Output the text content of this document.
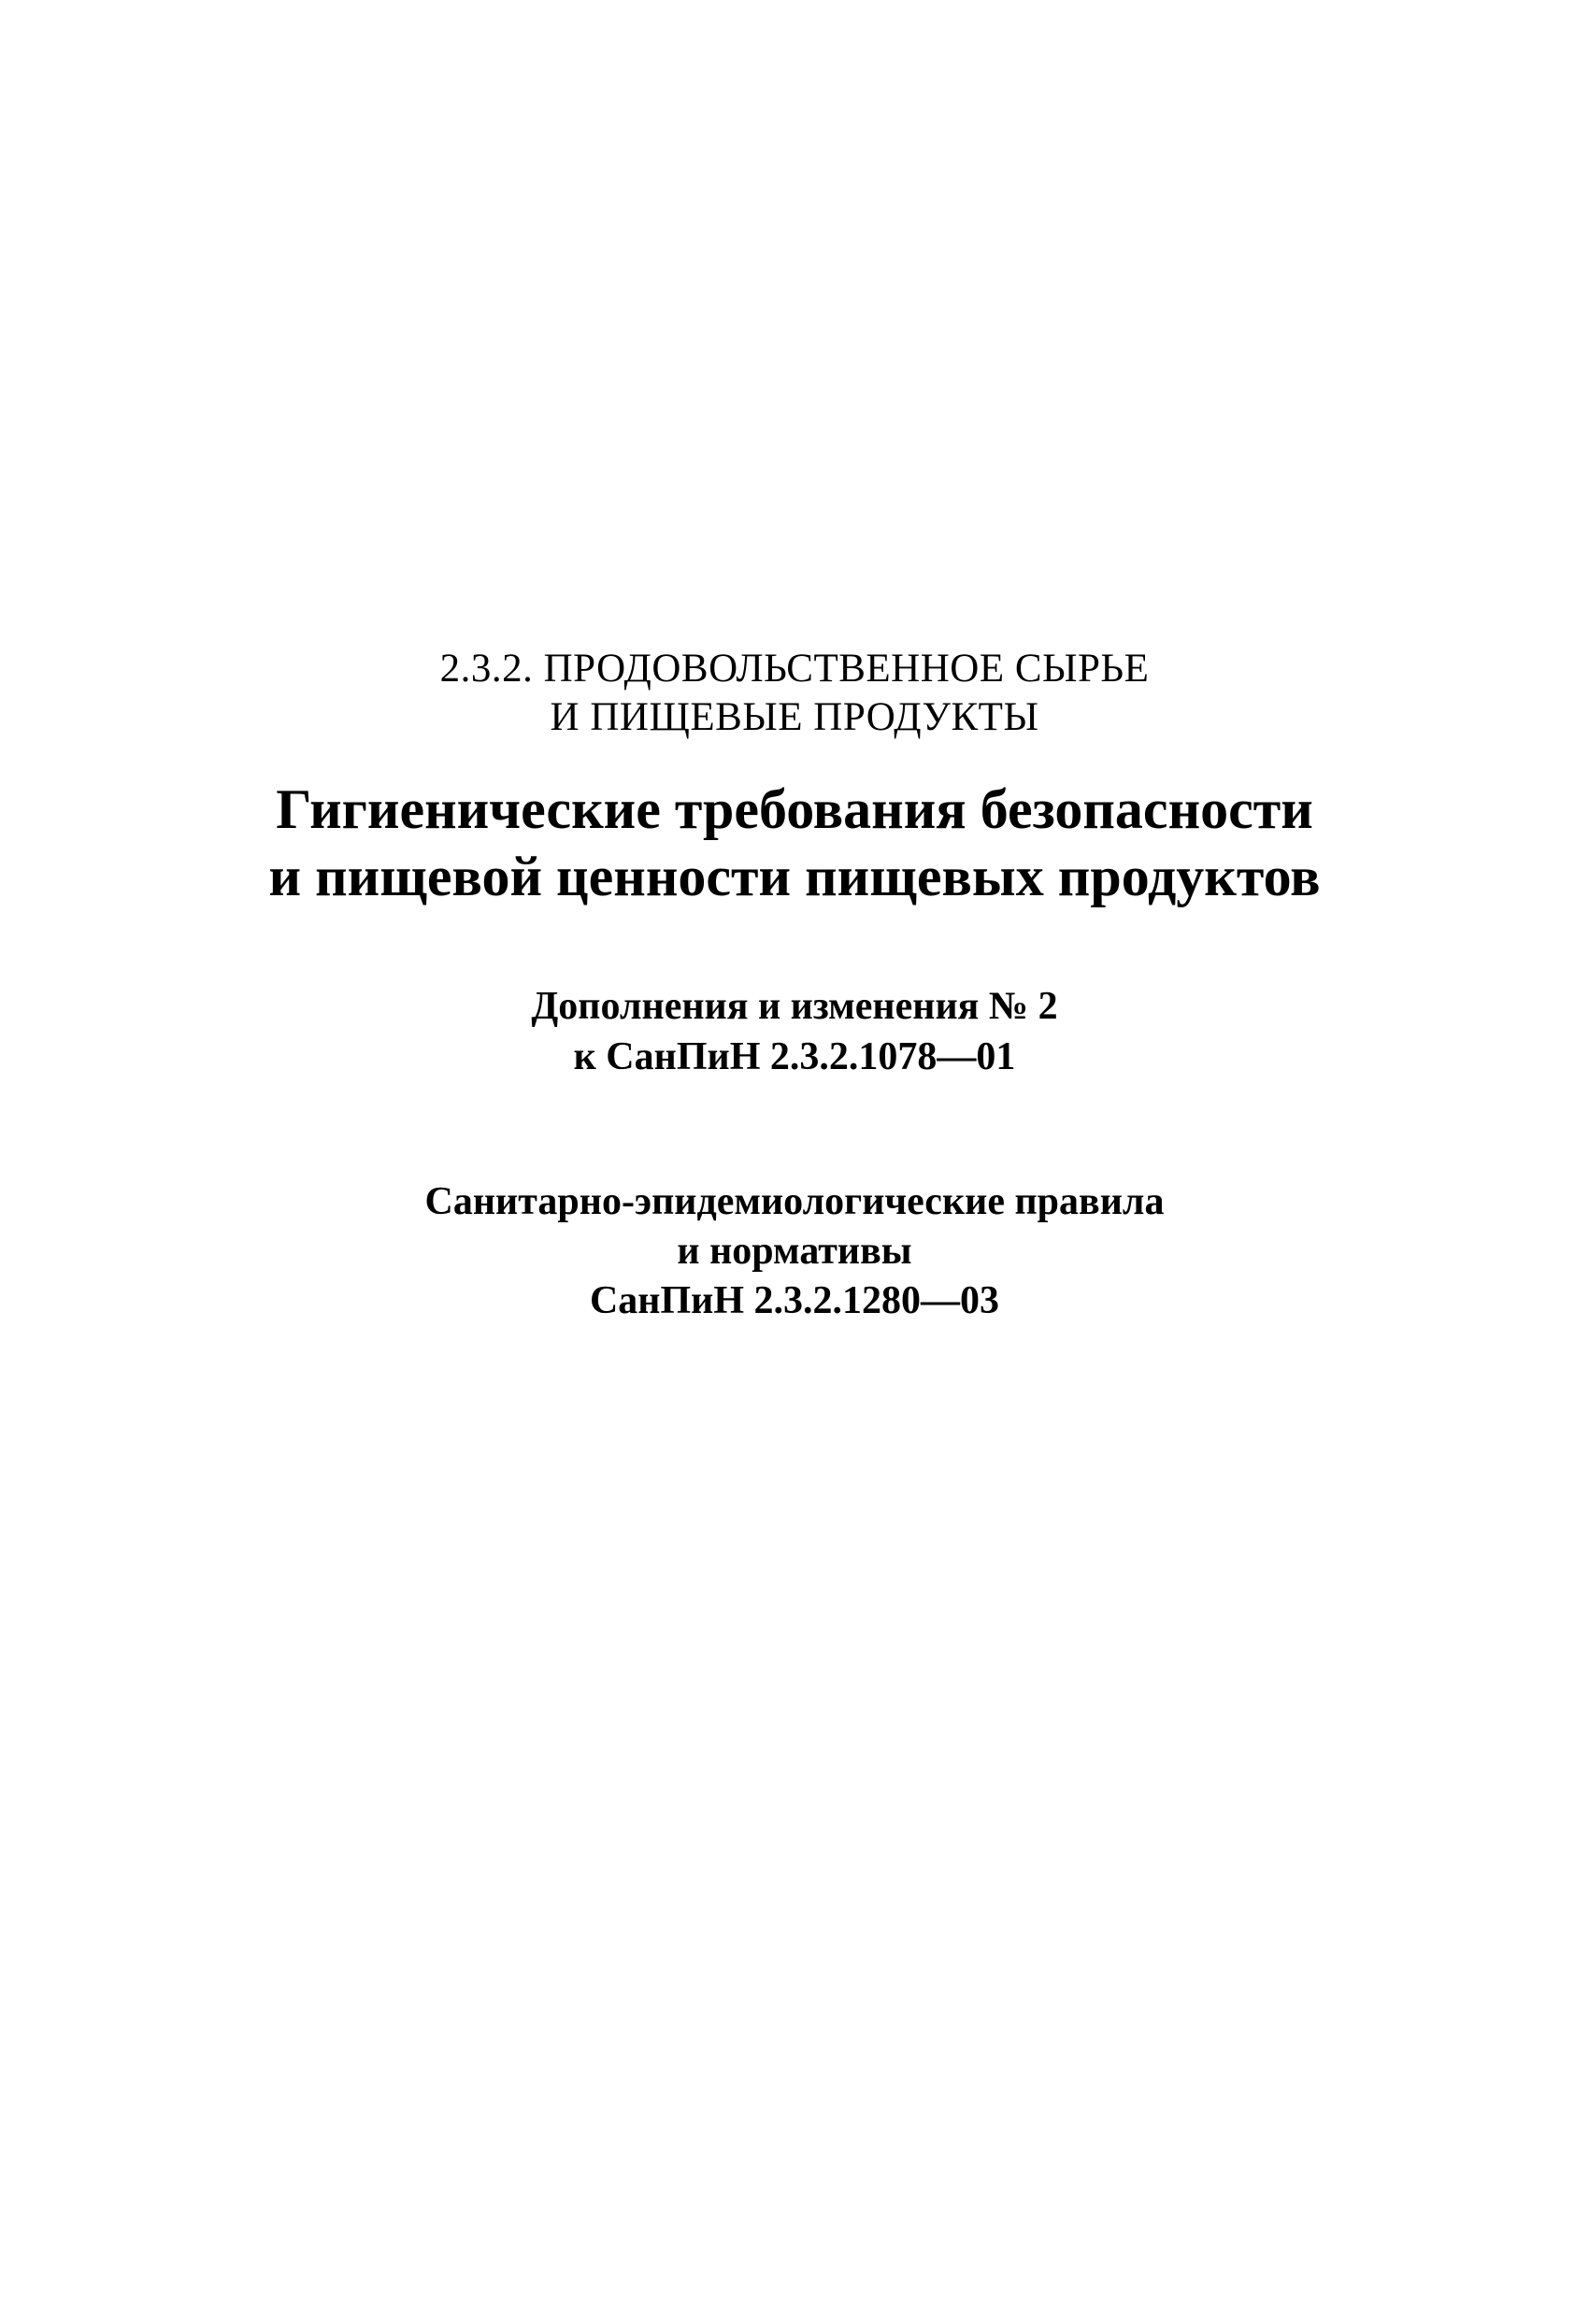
2.3.2. ПРОДОВОЛЬСТВЕННОЕ СЫРЬЕ
И ПИЩЕВЫЕ ПРОДУКТЫ
Гигиенические требования безопасности
и пищевой ценности пищевых продуктов
Дополнения и изменения № 2
к СанПиН 2.3.2.1078—01
Санитарно-эпидемиологические правила
и нормативы
СанПиН 2.3.2.1280—03
